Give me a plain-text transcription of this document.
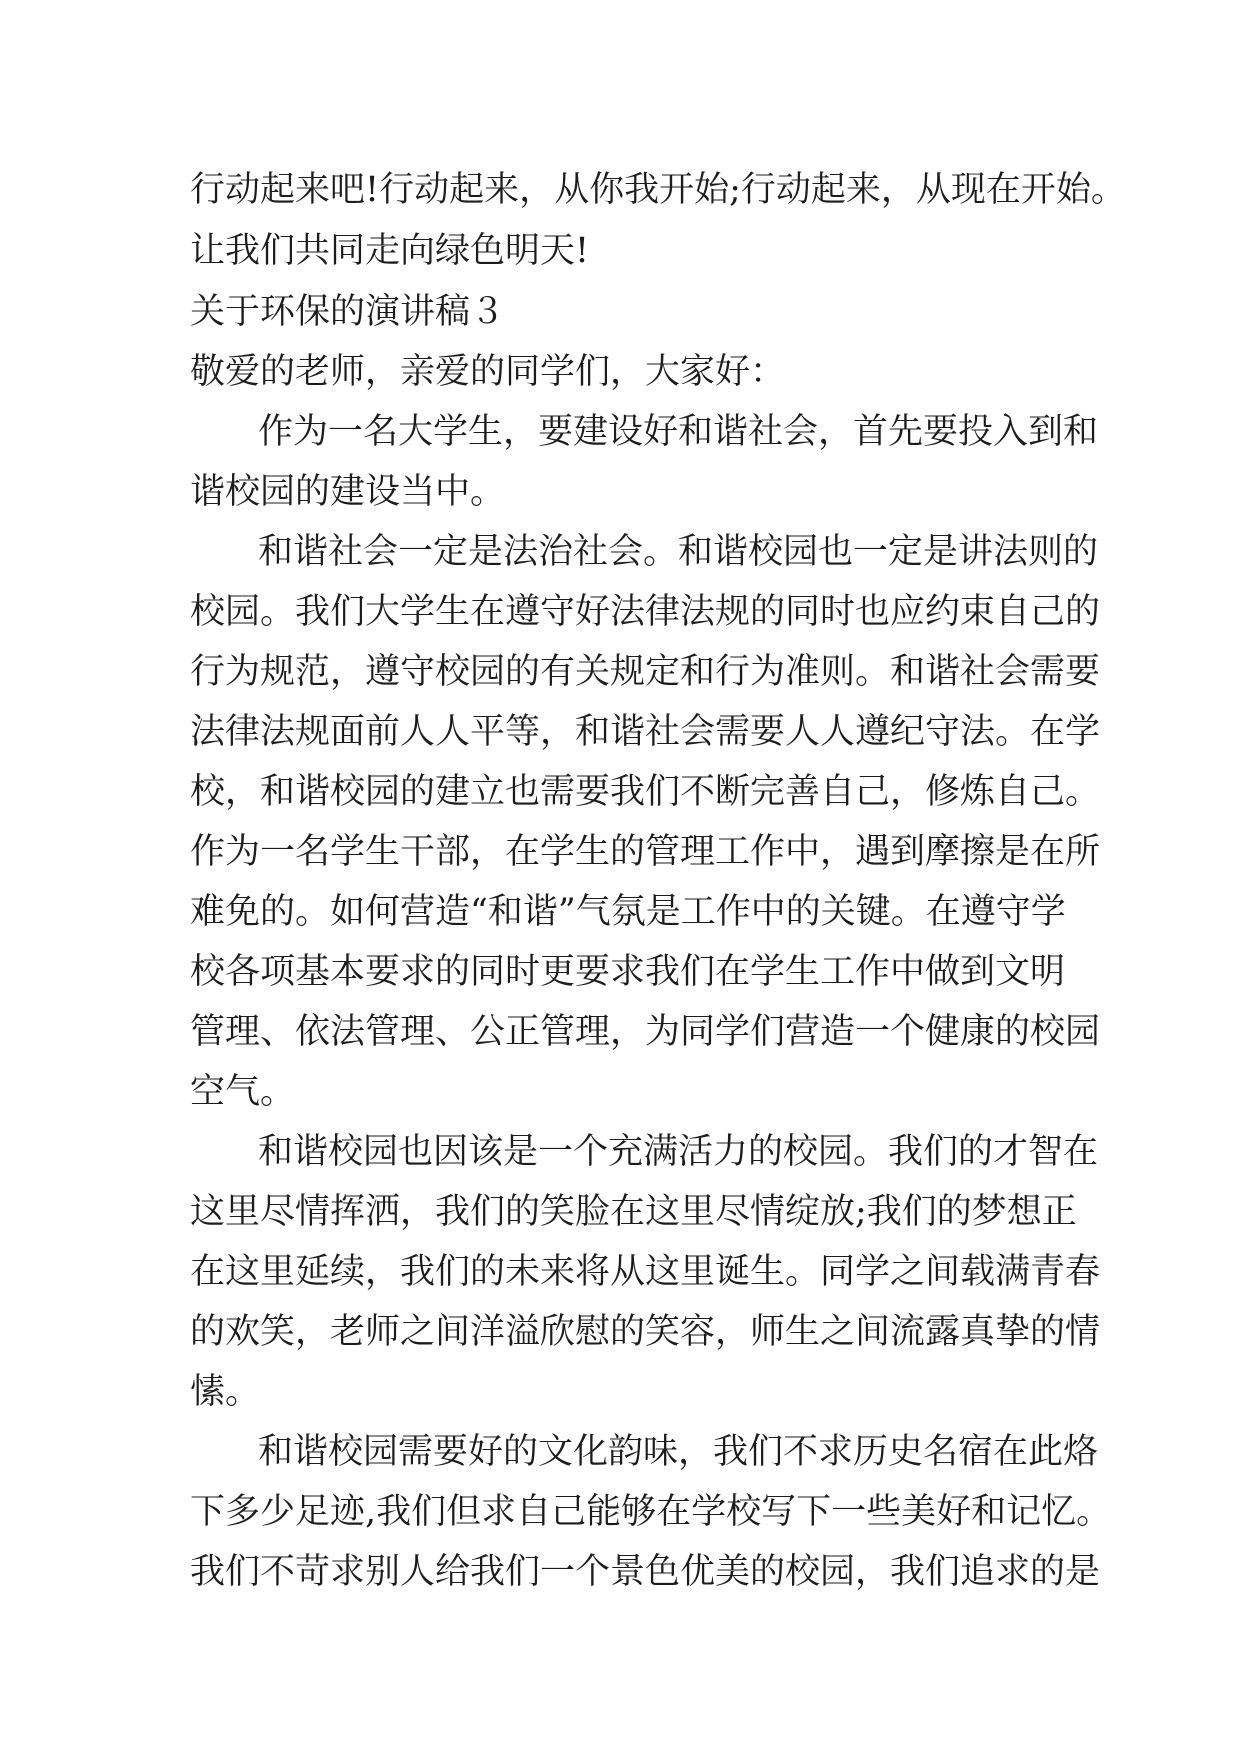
行动起来吧!行动起来，从你我开始;行动起来，从现在开始。
让我们共同走向绿色明天!
关于环保的演讲稿３
敬爱的老师，亲爱的同学们，大家好：
作为一名大学生，要建设好和谐社会，首先要投入到和
谐校园的建设当中。
和谐社会一定是法治社会。和谐校园也一定是讲法则的
校园。我们大学生在遵守好法律法规的同时也应约束自己的
行为规范，遵守校园的有关规定和行为准则。和谐社会需要
法律法规面前人人平等，和谐社会需要人人遵纪守法。在学
校，和谐校园的建立也需要我们不断完善自己，修炼自己。
作为一名学生干部，在学生的管理工作中，遇到摩擦是在所
难免的。如何营造“和谐”气氛是工作中的关键。在遵守学
校各项基本要求的同时更要求我们在学生工作中做到文明
管理、依法管理、公正管理，为同学们营造一个健康的校园
空气。
和谐校园也因该是一个充满活力的校园。我们的才智在
这里尽情挥洒，我们的笑脸在这里尽情绽放;我们的梦想正
在这里延续，我们的未来将从这里诞生。同学之间载满青春
的欢笑，老师之间洋溢欣慰的笑容，师生之间流露真挚的情
愫。
和谐校园需要好的文化韵味，我们不求历史名宿在此烙
下多少足迹,我们但求自己能够在学校写下一些美好和记忆。
我们不苛求别人给我们一个景色优美的校园，我们追求的是
